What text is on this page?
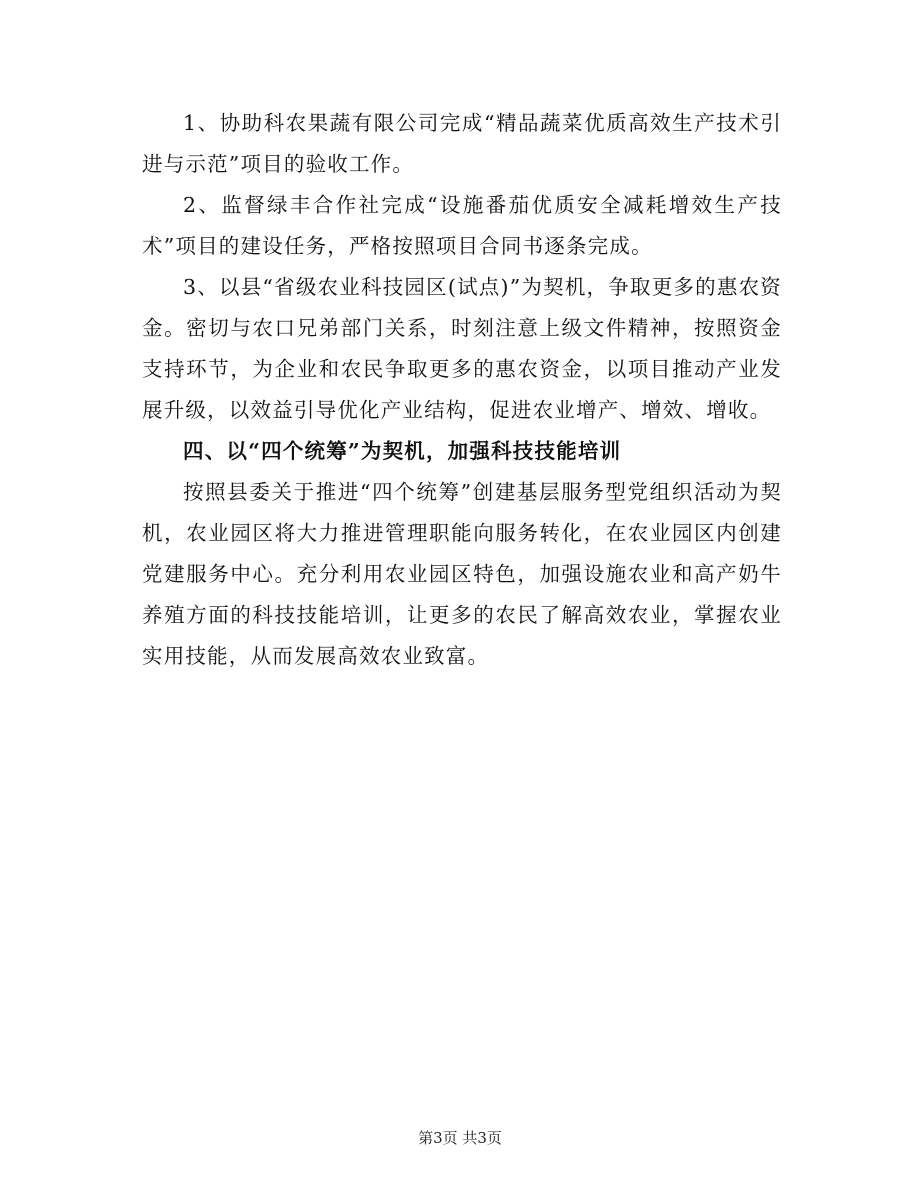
1、协助科农果蔬有限公司完成“精品蔬菜优质高效生产技术引进与示范”项目的验收工作。

2、监督绿丰合作社完成“设施番茄优质安全减耗增效生产技术”项目的建设任务，严格按照项目合同书逐条完成。

3、以县“省级农业科技园区(试点)”为契机，争取更多的惠农资金。密切与农口兄弟部门关系，时刻注意上级文件精神，按照资金支持环节，为企业和农民争取更多的惠农资金，以项目推动产业发展升级，以效益引导优化产业结构，促进农业增产、增效、增收。

四、以“四个统筹”为契机，加强科技技能培训

按照县委关于推进“四个统筹”创建基层服务型党组织活动为契机，农业园区将大力推进管理职能向服务转化，在农业园区内创建党建服务中心。充分利用农业园区特色，加强设施农业和高产奶牛养殖方面的科技技能培训，让更多的农民了解高效农业，掌握农业实用技能，从而发展高效农业致富。

第3页 共3页
